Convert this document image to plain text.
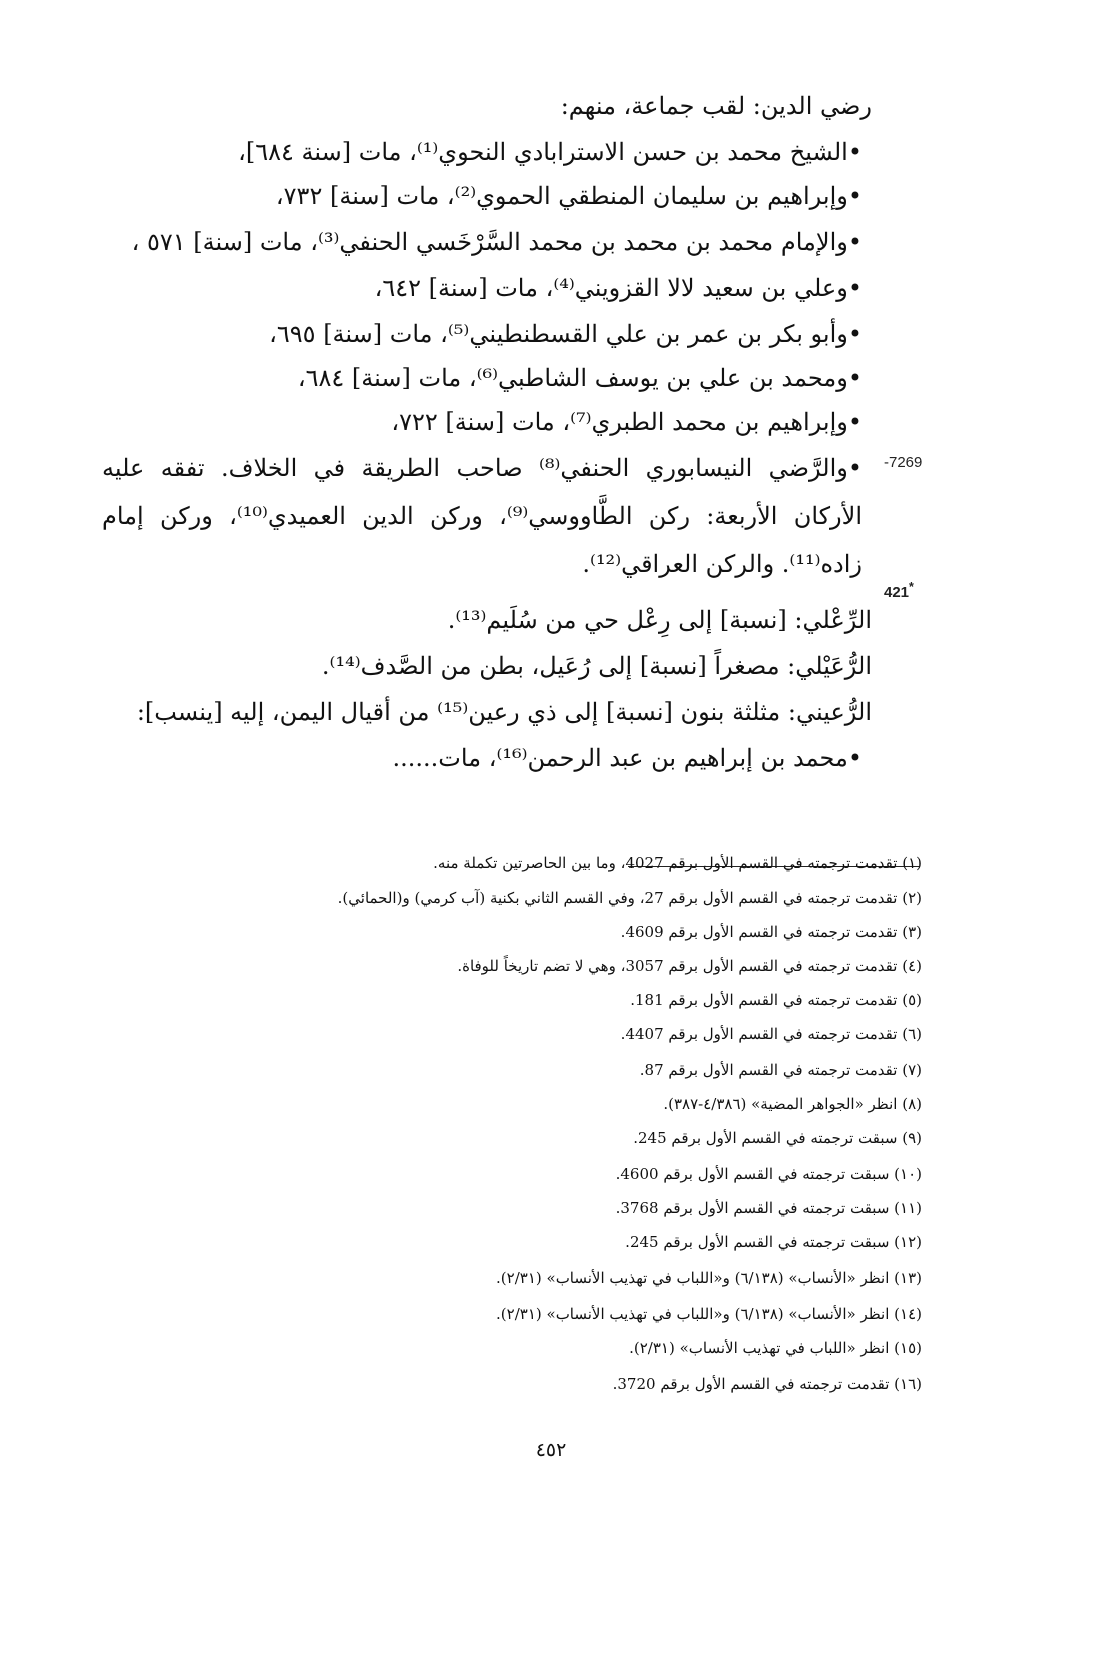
رضي الدين: لقب جماعة، منهم:
•الشيخ محمد بن حسن الاسترابادي النحوي⁽¹⁾، مات [سنة ٦٨٤]،
•وإبراهيم بن سليمان المنطقي الحموي⁽²⁾، مات [سنة] ٧٣٢،
•والإمام محمد بن محمد بن محمد السَّرْخَسي الحنفي⁽³⁾، مات [سنة] ٥٧١ ،
•وعلي بن سعيد لالا القزويني⁽⁴⁾، مات [سنة] ٦٤٢،
•وأبو بكر بن عمر بن علي القسطنطيني⁽⁵⁾، مات [سنة] ٦٩٥،
•ومحمد بن علي بن يوسف الشاطبي⁽⁶⁾، مات [سنة] ٦٨٤،
•وإبراهيم بن محمد الطبري⁽⁷⁾، مات [سنة] ٧٢٢،
-7269
•والرَّضي النيسابوري الحنفي⁽⁸⁾ صاحب الطريقة في الخلاف. تفقه عليه الأركان الأربعة: ركن الطَّاووسي⁽⁹⁾، وركن الدين العميدي⁽¹⁰⁾، وركن إمام زاده⁽¹¹⁾. والركن العراقي⁽¹²⁾.
421*
الرِّعْلي: [نسبة] إلى رِعْل حي من سُلَيم⁽¹³⁾.
الرُّعَيْلي: مصغراً [نسبة] إلى رُعَيل، بطن من الصَّدف⁽¹⁴⁾.
الرُّعيني: مثلثة بنون [نسبة] إلى ذي رعين⁽¹⁵⁾ من أقيال اليمن، إليه [ينسب]:
•محمد بن إبراهيم بن عبد الرحمن⁽¹⁶⁾، مات......
(١) تقدمت ترجمته في القسم الأول برقم 4027، وما بين الحاصرتين تكملة منه.
(٢) تقدمت ترجمته في القسم الأول برقم 27، وفي القسم الثاني بكنية (آب كرمي) و(الحمائي).
(٣) تقدمت ترجمته في القسم الأول برقم 4609.
(٤) تقدمت ترجمته في القسم الأول برقم 3057، وهي لا تضم تاريخاً للوفاة.
(٥) تقدمت ترجمته في القسم الأول برقم 181.
(٦) تقدمت ترجمته في القسم الأول برقم 4407.
(٧) تقدمت ترجمته في القسم الأول برقم 87.
(٨) انظر «الجواهر المضية» (٤/٣٨٦-٣٨٧).
(٩) سبقت ترجمته في القسم الأول برقم 245.
(١٠) سبقت ترجمته في القسم الأول برقم 4600.
(١١) سبقت ترجمته في القسم الأول برقم 3768.
(١٢) سبقت ترجمته في القسم الأول برقم 245.
(١٣) انظر «الأنساب» (٦/١٣٨) و«اللباب في تهذيب الأنساب» (٢/٣١).
(١٤) انظر «الأنساب» (٦/١٣٨) و«اللباب في تهذيب الأنساب» (٢/٣١).
(١٥) انظر «اللباب في تهذيب الأنساب» (٢/٣١).
(١٦) تقدمت ترجمته في القسم الأول برقم 3720.
٤٥٢
